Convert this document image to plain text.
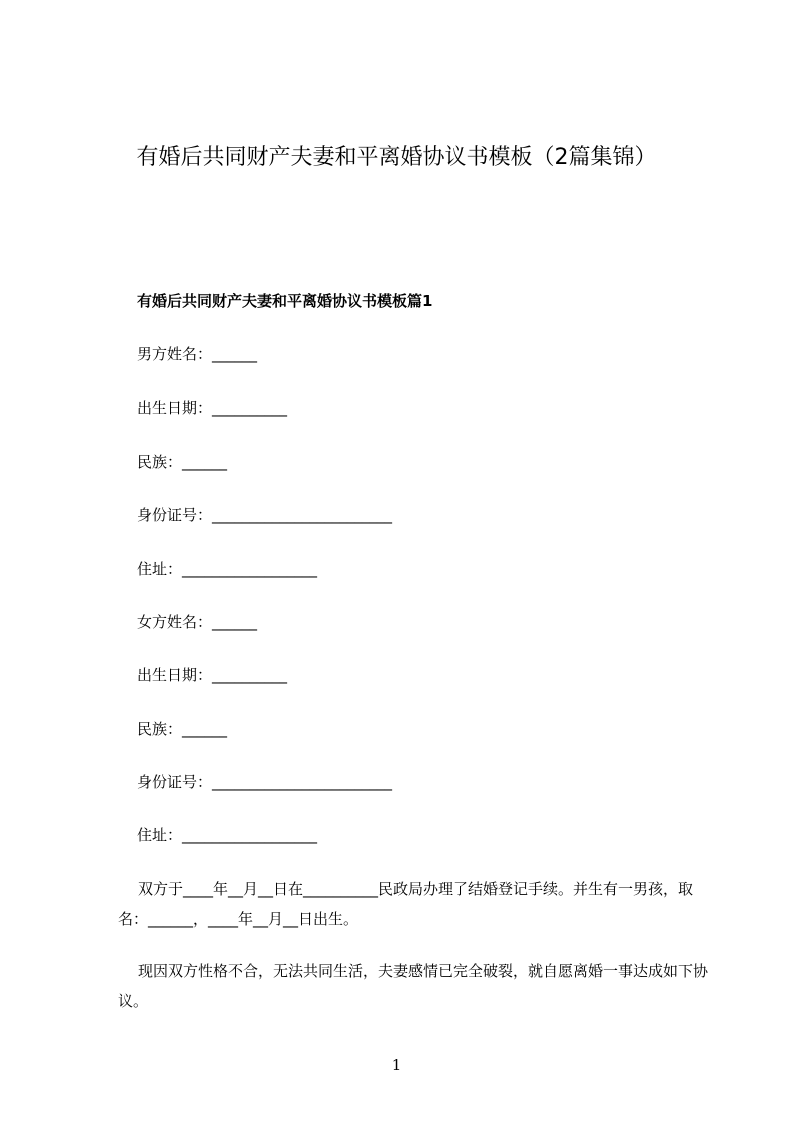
有婚后共同财产夫妻和平离婚协议书模板（2篇集锦）
有婚后共同财产夫妻和平离婚协议书模板篇1
男方姓名：______
出生日期：__________
民族：______
身份证号：________________________
住址：__________________
女方姓名：______
出生日期：__________
民族：______
身份证号：________________________
住址：__________________
双方于____年__月__日在__________民政局办理了结婚登记手续。并生有一男孩，取名：______，____年__月__日出生。
现因双方性格不合，无法共同生活，夫妻感情已完全破裂，就自愿离婚一事达成如下协议。
1
